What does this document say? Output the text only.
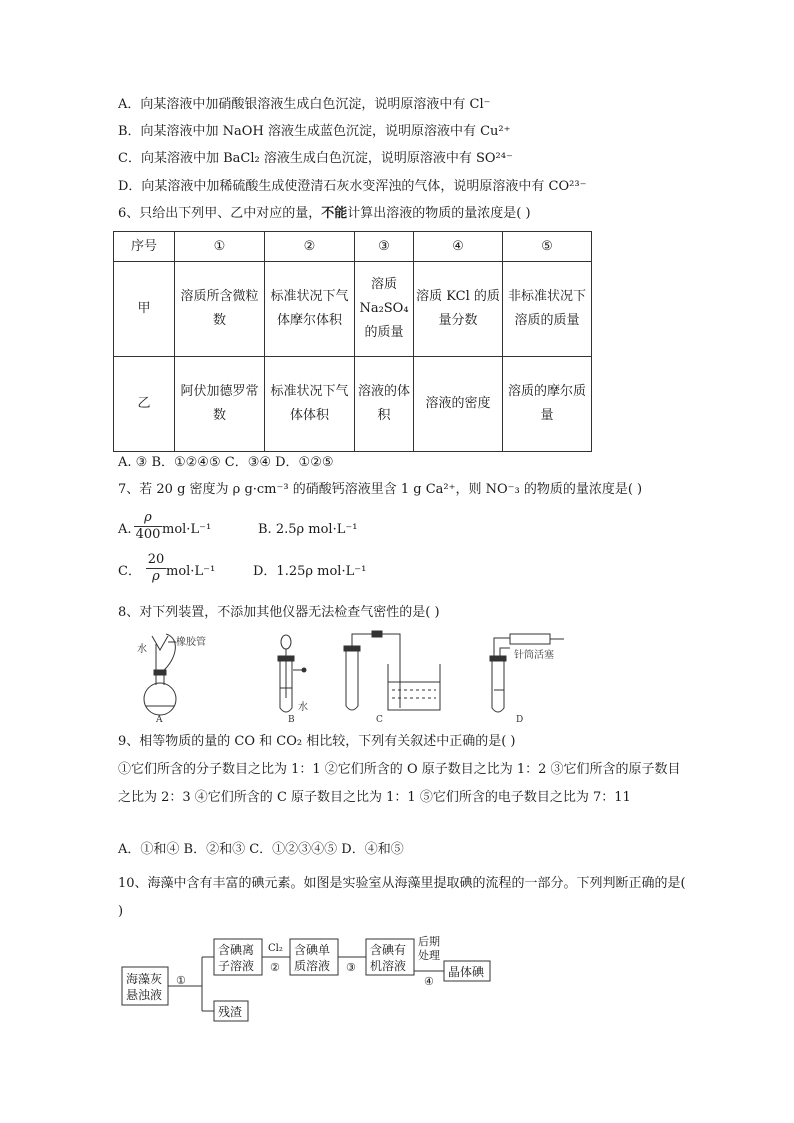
A．向某溶液中加硝酸银溶液生成白色沉淀，说明原溶液中有 Cl⁻
B．向某溶液中加 NaOH 溶液生成蓝色沉淀，说明原溶液中有 Cu²⁺
C．向某溶液中加 BaCl₂ 溶液生成白色沉淀，说明原溶液中有 SO²⁴⁻
D．向某溶液中加稀硫酸生成使澄清石灰水变浑浊的气体，说明原溶液中有 CO²³⁻
6、只给出下列甲、乙中对应的量，不能计算出溶液的物质的量浓度是( )
序号	①	②	③	④	⑤
甲	溶质所含微粒数	标准状况下气体摩尔体积	溶质 Na₂SO₄ 的质量	溶质 KCl 的质量分数	非标准状况下溶质的质量
乙	阿伏加德罗常数	标准状况下气体体积	溶液的体积	溶液的密度	溶质的摩尔质量
A. ③ B．①②④⑤ C．③④ D．①②⑤
7、若 20 g 密度为 ρ g·cm⁻³ 的硝酸钙溶液里含 1 g Ca²⁺，则 NO⁻₃ 的物质的量浓度是( )
A.
ρ
400 mol·L⁻¹	B. 2.5ρ mol·L⁻¹
C．
20
ρ mol·L⁻¹	D．1.25ρ mol·L⁻¹
8、对下列装置，不添加其他仪器无法检查气密性的是( )
水
橡胶管
A
水
B	C
针筒活塞
D
9、相等物质的量的 CO 和 CO₂ 相比较，下列有关叙述中正确的是( )
①它们所含的分子数目之比为 1：1 ②它们所含的 O 原子数目之比为 1：2 ③它们所含的原子数目之比为 2：3 ④它们所含的 C 原子数目之比为 1：1 ⑤它们所含的电子数目之比为 7：11
A．①和④ B．②和③ C．①②③④⑤ D．④和⑤
10、海藻中含有丰富的碘元素。如图是实验室从海藻里提取碘的流程的一部分。下列判断正确的是( )
海藻灰
悬浊液
①
含碘离
子溶液
残渣
Cl₂
②
含碘单
质溶液 ③
含碘有
机溶液
后期
处理
④
晶体碘
